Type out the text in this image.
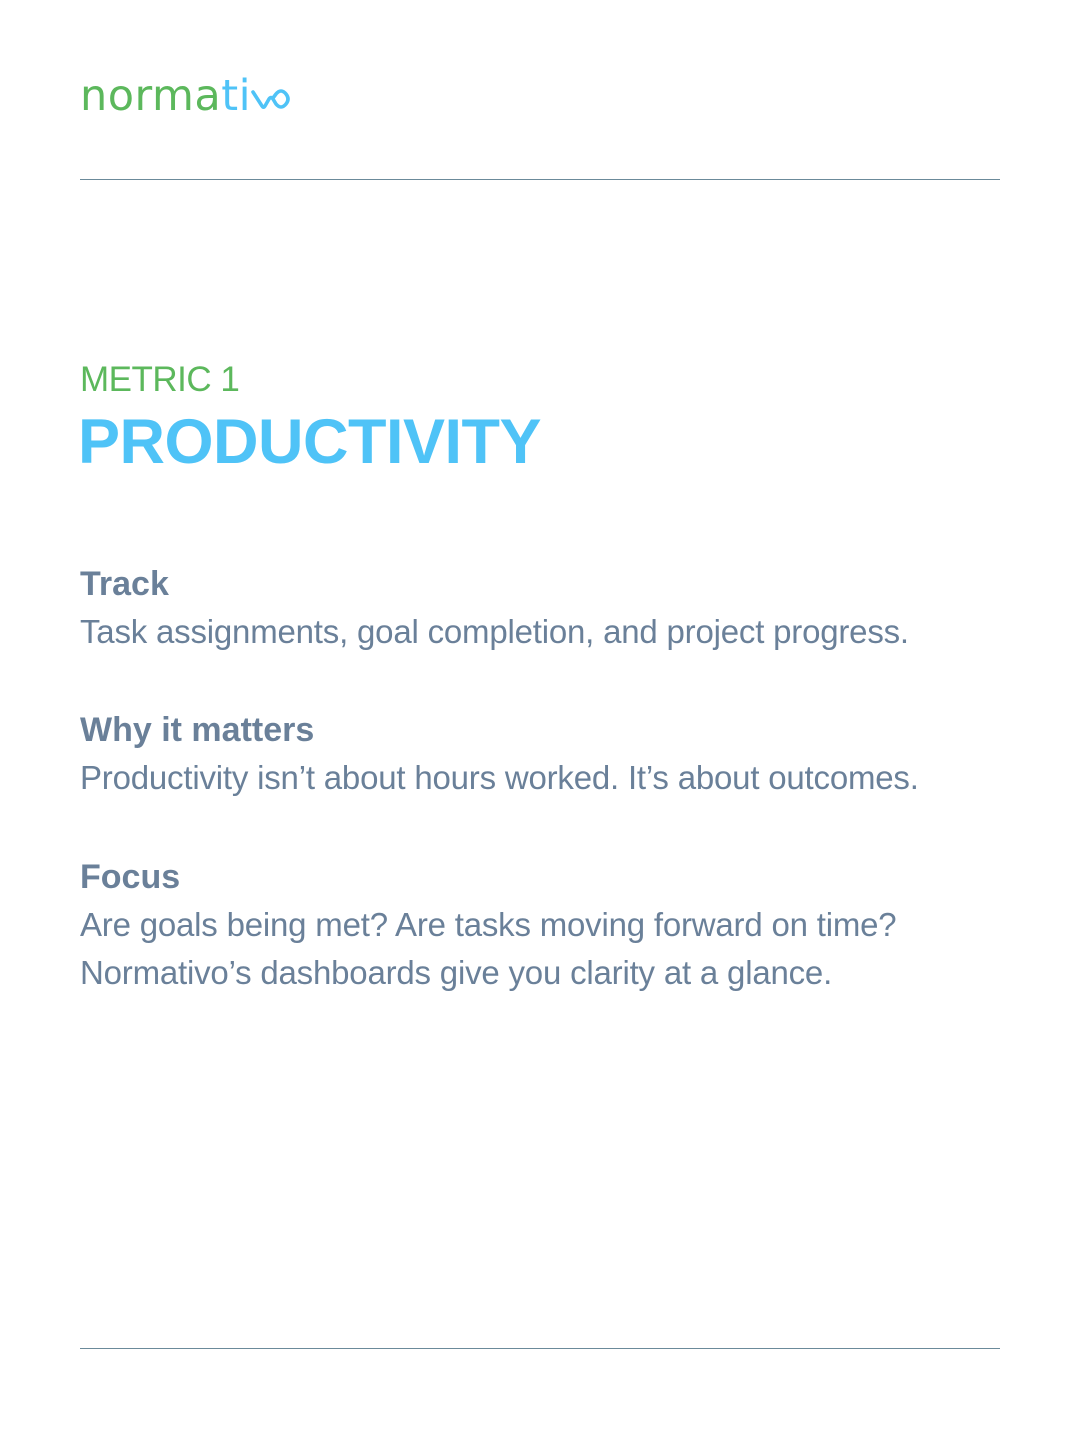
norma ti
METRIC 1
PRODUCTIVITY
Track
Task assignments, goal completion, and project progress.
Why it matters
Productivity isn’t about hours worked. It’s about outcomes.
Focus
Are goals being met? Are tasks moving forward on time?
Normativo’s dashboards give you clarity at a glance.
